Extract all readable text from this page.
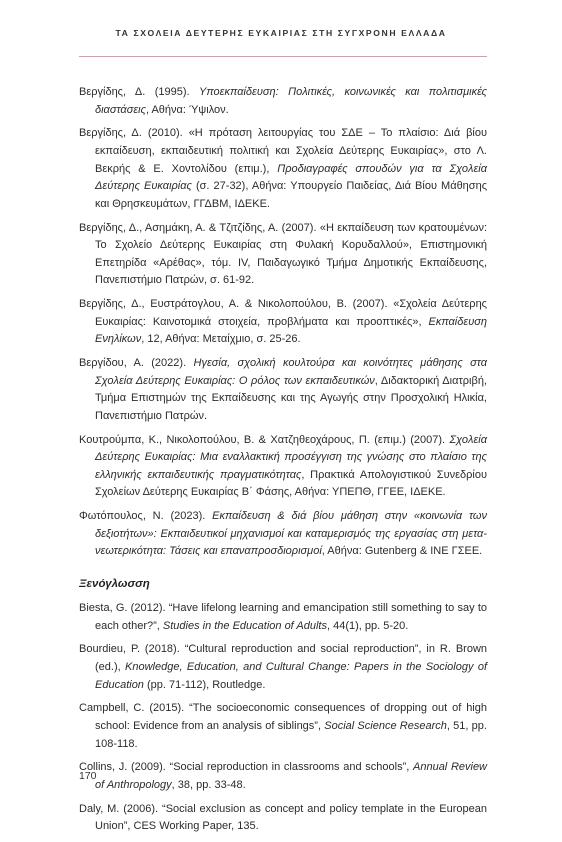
ΤΑ ΣΧΟΛΕΙΑ ΔΕΥΤΕΡΗΣ ΕΥΚΑΙΡΙΑΣ ΣΤΗ ΣΥΓΧΡΟΝΗ ΕΛΛΑΔΑ

Βεργίδης, Δ. (1995). Υποεκπαίδευση: Πολιτικές, κοινωνικές και πολιτισμικές διαστάσεις, Αθήνα: Ύψιλον.

Βεργίδης, Δ. (2010). «Η πρόταση λειτουργίας του ΣΔΕ – Το πλαίσιο: Διά βίου εκπαίδευση, εκπαιδευτική πολιτική και Σχολεία Δεύτερης Ευκαιρίας», στο Λ. Βεκρής & Ε. Χοντολίδου (επιμ.), Προδιαγραφές σπουδών για τα Σχολεία Δεύτερης Ευκαιρίας (σ. 27-32), Αθήνα: Υπουργείο Παιδείας, Διά Βίου Μάθησης και Θρησκευμάτων, ΓΓΔΒΜ, ΙΔΕΚΕ.

Βεργίδης, Δ., Ασημάκη, Α. & Τζιτζίδης, Α. (2007). «Η εκπαίδευση των κρατουμένων: Το Σχολείο Δεύτερης Ευκαιρίας στη Φυλακή Κορυδαλλού», Επιστημονική Επετηρίδα «Αρέθας», τόμ. IV, Παιδαγωγικό Τμήμα Δημοτικής Εκπαίδευσης, Πανεπιστήμιο Πατρών, σ. 61-92.

Βεργίδης, Δ., Ευστράτογλου, Α. & Νικολοπούλου, Β. (2007). «Σχολεία Δεύτερης Ευκαιρίας: Καινοτομικά στοιχεία, προβλήματα και προοπτικές», Εκπαίδευση Ενηλίκων, 12, Αθήνα: Μεταίχμιο, σ. 25-26.

Βεργίδου, Α. (2022). Ηγεσία, σχολική κουλτούρα και κοινότητες μάθησης στα Σχολεία Δεύτερης Ευκαιρίας: Ο ρόλος των εκπαιδευτικών, Διδακτορική Διατριβή, Τμήμα Επιστημών της Εκπαίδευσης και της Αγωγής στην Προσχολική Ηλικία, Πανεπιστήμιο Πατρών.

Κουτρούμπα, Κ., Νικολοπούλου, Β. & Χατζηθεοχάρους, Π. (επιμ.) (2007). Σχολεία Δεύτερης Ευκαιρίας: Μια εναλλακτική προσέγγιση της γνώσης στο πλαίσιο της ελληνικής εκπαιδευτικής πραγματικότητας, Πρακτικά Απολογιστικού Συνεδρίου Σχολείων Δεύτερης Ευκαιρίας Β΄ Φάσης, Αθήνα: ΥΠΕΠΘ, ΓΓΕΕ, ΙΔΕΚΕ.

Φωτόπουλος, Ν. (2023). Εκπαίδευση & διά βίου μάθηση στην «κοινωνία των δεξιοτήτων»: Εκπαιδευτικοί μηχανισμοί και καταμερισμός της εργασίας στη μετα-νεωτερικότητα: Τάσεις και επαναπροσδιορισμοί, Αθήνα: Gutenberg & ΙΝΕ ΓΣΕΕ.

Ξενόγλωσση

Biesta, G. (2012). “Have lifelong learning and emancipation still something to say to each other?”, Studies in the Education of Adults, 44(1), pp. 5-20.

Bourdieu, P. (2018). “Cultural reproduction and social reproduction”, in R. Brown (ed.), Knowledge, Education, and Cultural Change: Papers in the Sociology of Education (pp. 71-112), Routledge.

Campbell, C. (2015). “The socioeconomic consequences of dropping out of high school: Evidence from an analysis of siblings”, Social Science Research, 51, pp. 108-118.

Collins, J. (2009). “Social reproduction in classrooms and schools”, Annual Review of Anthropology, 38, pp. 33-48.

Daly, M. (2006). “Social exclusion as concept and policy template in the European Union”, CES Working Paper, 135.

170
